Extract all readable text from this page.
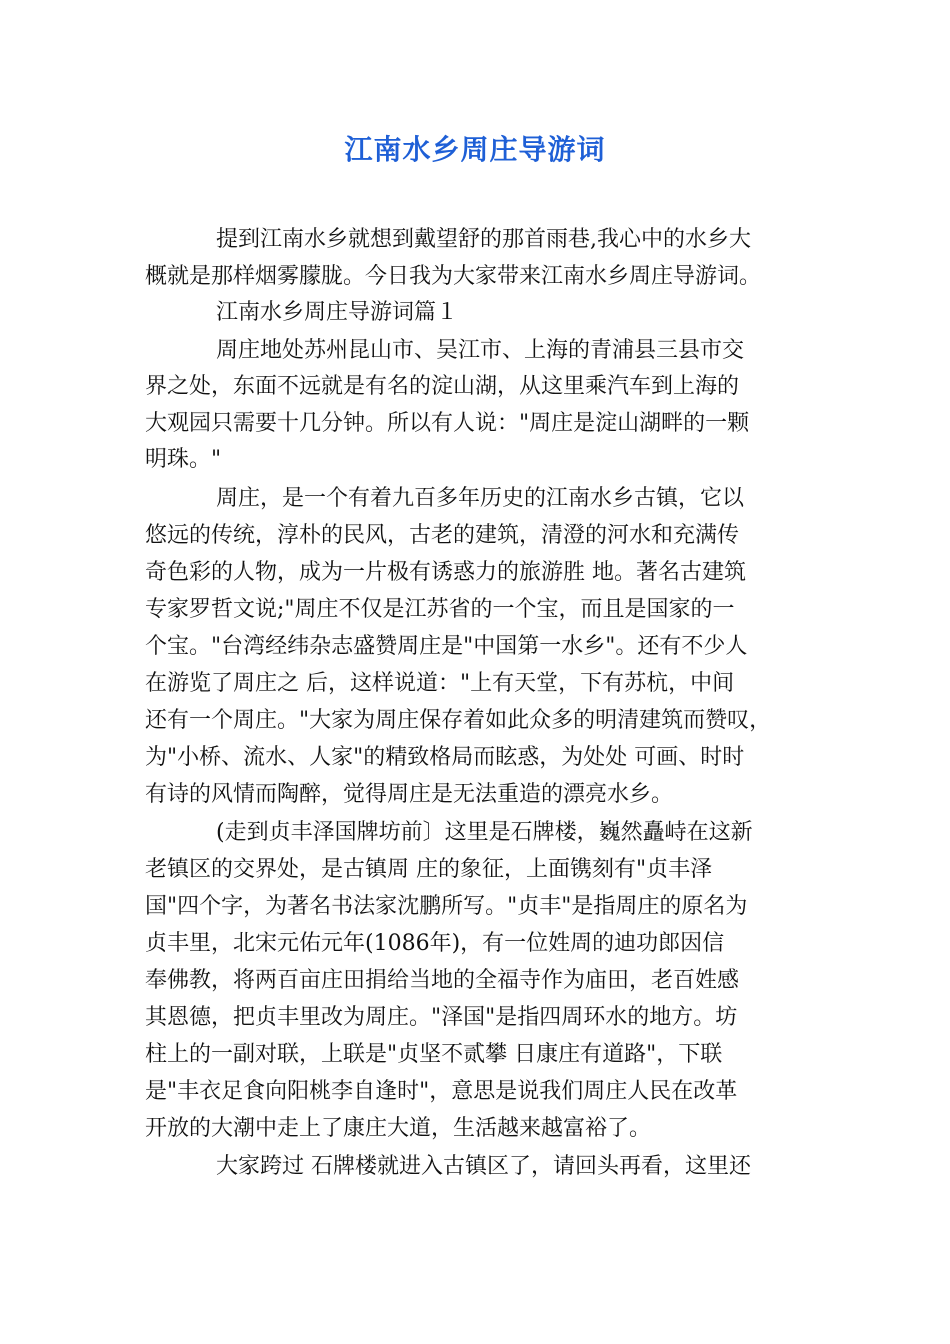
江南水乡周庄导游词
提到江南水乡就想到戴望舒的那首雨巷,我心中的水乡大
概就是那样烟雾朦胧。今日我为大家带来江南水乡周庄导游词。
江南水乡周庄导游词篇１
周庄地处苏州昆山市、吴江市、上海的青浦县三县市交
界之处，东面不远就是有名的淀山湖，从这里乘汽车到上海的
大观园只需要十几分钟。所以有人说："周庄是淀山湖畔的一颗
明珠。"
周庄，是一个有着九百多年历史的江南水乡古镇，它以
悠远的传统，淳朴的民风，古老的建筑，清澄的河水和充满传
奇色彩的人物，成为一片极有诱惑力的旅游胜 地。著名古建筑
专家罗哲文说;"周庄不仅是江苏省的一个宝，而且是国家的一
个宝。"台湾经纬杂志盛赞周庄是"中国第一水乡"。还有不少人
在游览了周庄之 后，这样说道："上有天堂，下有苏杭，中间
还有一个周庄。"大家为周庄保存着如此众多的明清建筑而赞叹，
为"小桥、流水、人家"的精致格局而眩惑，为处处 可画、时时
有诗的风情而陶醉，觉得周庄是无法重造的漂亮水乡。
(走到贞丰泽国牌坊前〕这里是石牌楼，巍然矗峙在这新
老镇区的交界处，是古镇周 庄的象征，上面镌刻有"贞丰泽
国"四个字，为著名书法家沈鹏所写。"贞丰"是指周庄的原名为
贞丰里，北宋元佑元年(1086年)，有一位姓周的迪功郎因信
奉佛教，将两百亩庄田捐给当地的全福寺作为庙田，老百姓感
其恩德，把贞丰里改为周庄。"泽国"是指四周环水的地方。坊
柱上的一副对联，上联是"贞坚不贰攀 日康庄有道路"，下联
是"丰衣足食向阳桃李自逢时"，意思是说我们周庄人民在改革
开放的大潮中走上了康庄大道，生活越来越富裕了。
大家跨过 石牌楼就进入古镇区了，请回头再看，这里还
